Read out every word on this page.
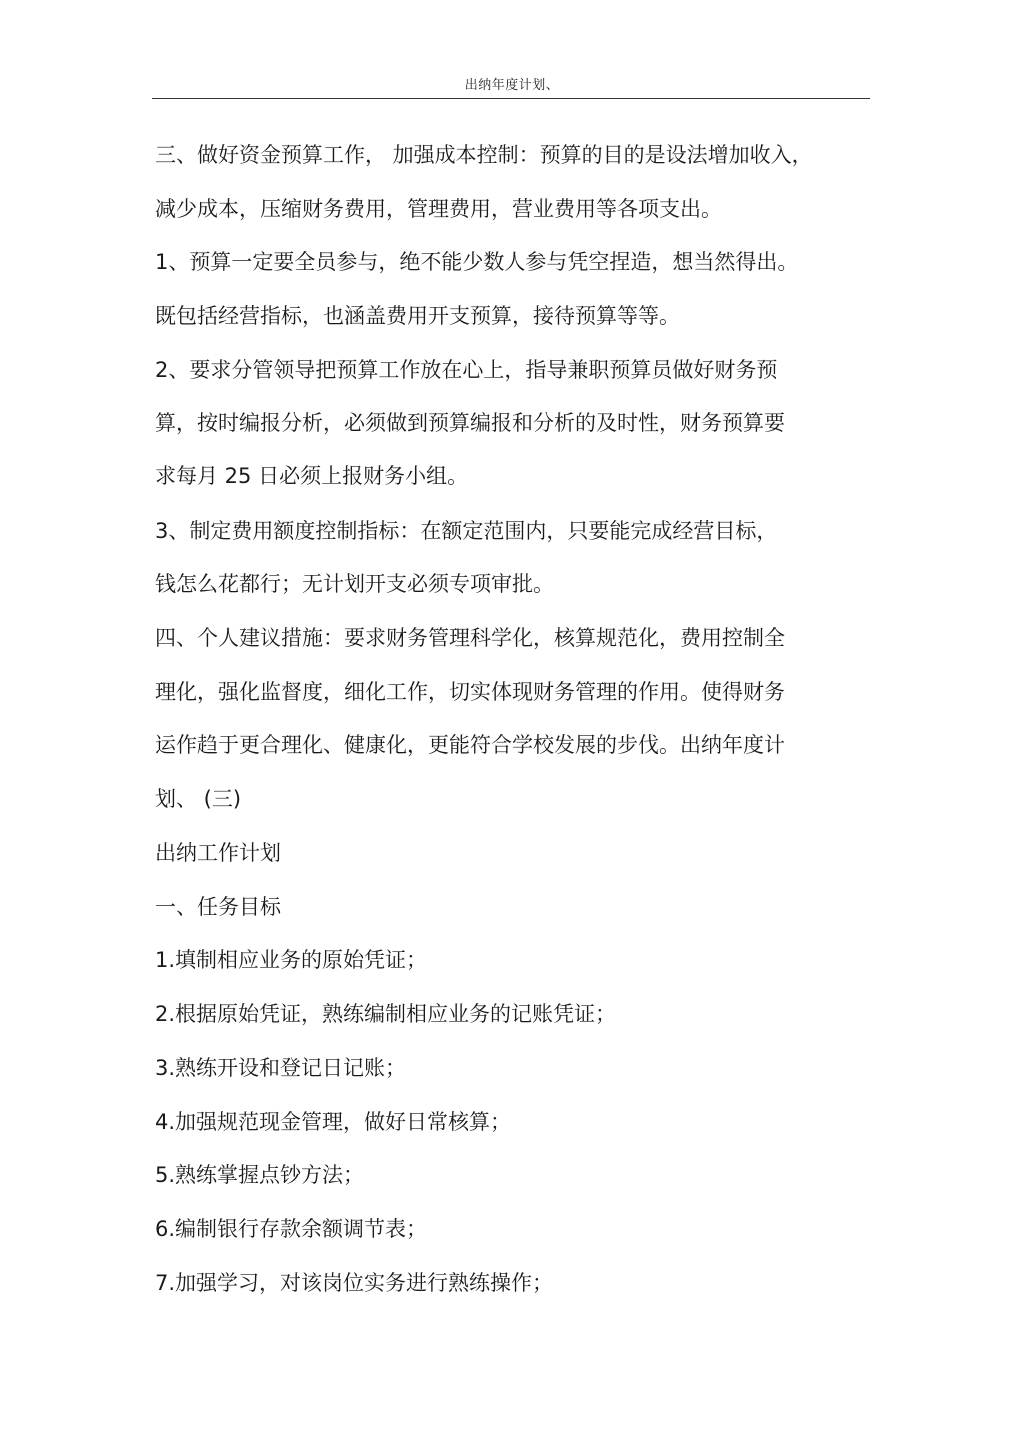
出纳年度计划、
三、做好资金预算工作， 加强成本控制：预算的目的是设法增加收入，
减少成本，压缩财务费用，管理费用，营业费用等各项支出。
1、预算一定要全员参与，绝不能少数人参与凭空捏造，想当然得出。
既包括经营指标，也涵盖费用开支预算，接待预算等等。
2、要求分管领导把预算工作放在心上，指导兼职预算员做好财务预
算，按时编报分析，必须做到预算编报和分析的及时性，财务预算要
求每月 25 日必须上报财务小组。
3、制定费用额度控制指标：在额定范围内，只要能完成经营目标，
钱怎么花都行；无计划开支必须专项审批。
四、个人建议措施：要求财务管理科学化，核算规范化，费用控制全
理化，强化监督度，细化工作，切实体现财务管理的作用。使得财务
运作趋于更合理化、健康化，更能符合学校发展的步伐。出纳年度计
划、 (三)
出纳工作计划
一、任务目标
1.填制相应业务的原始凭证；
2.根据原始凭证，熟练编制相应业务的记账凭证；
3.熟练开设和登记日记账；
4.加强规范现金管理，做好日常核算；
5.熟练掌握点钞方法；
6.编制银行存款余额调节表；
7.加强学习，对该岗位实务进行熟练操作；
